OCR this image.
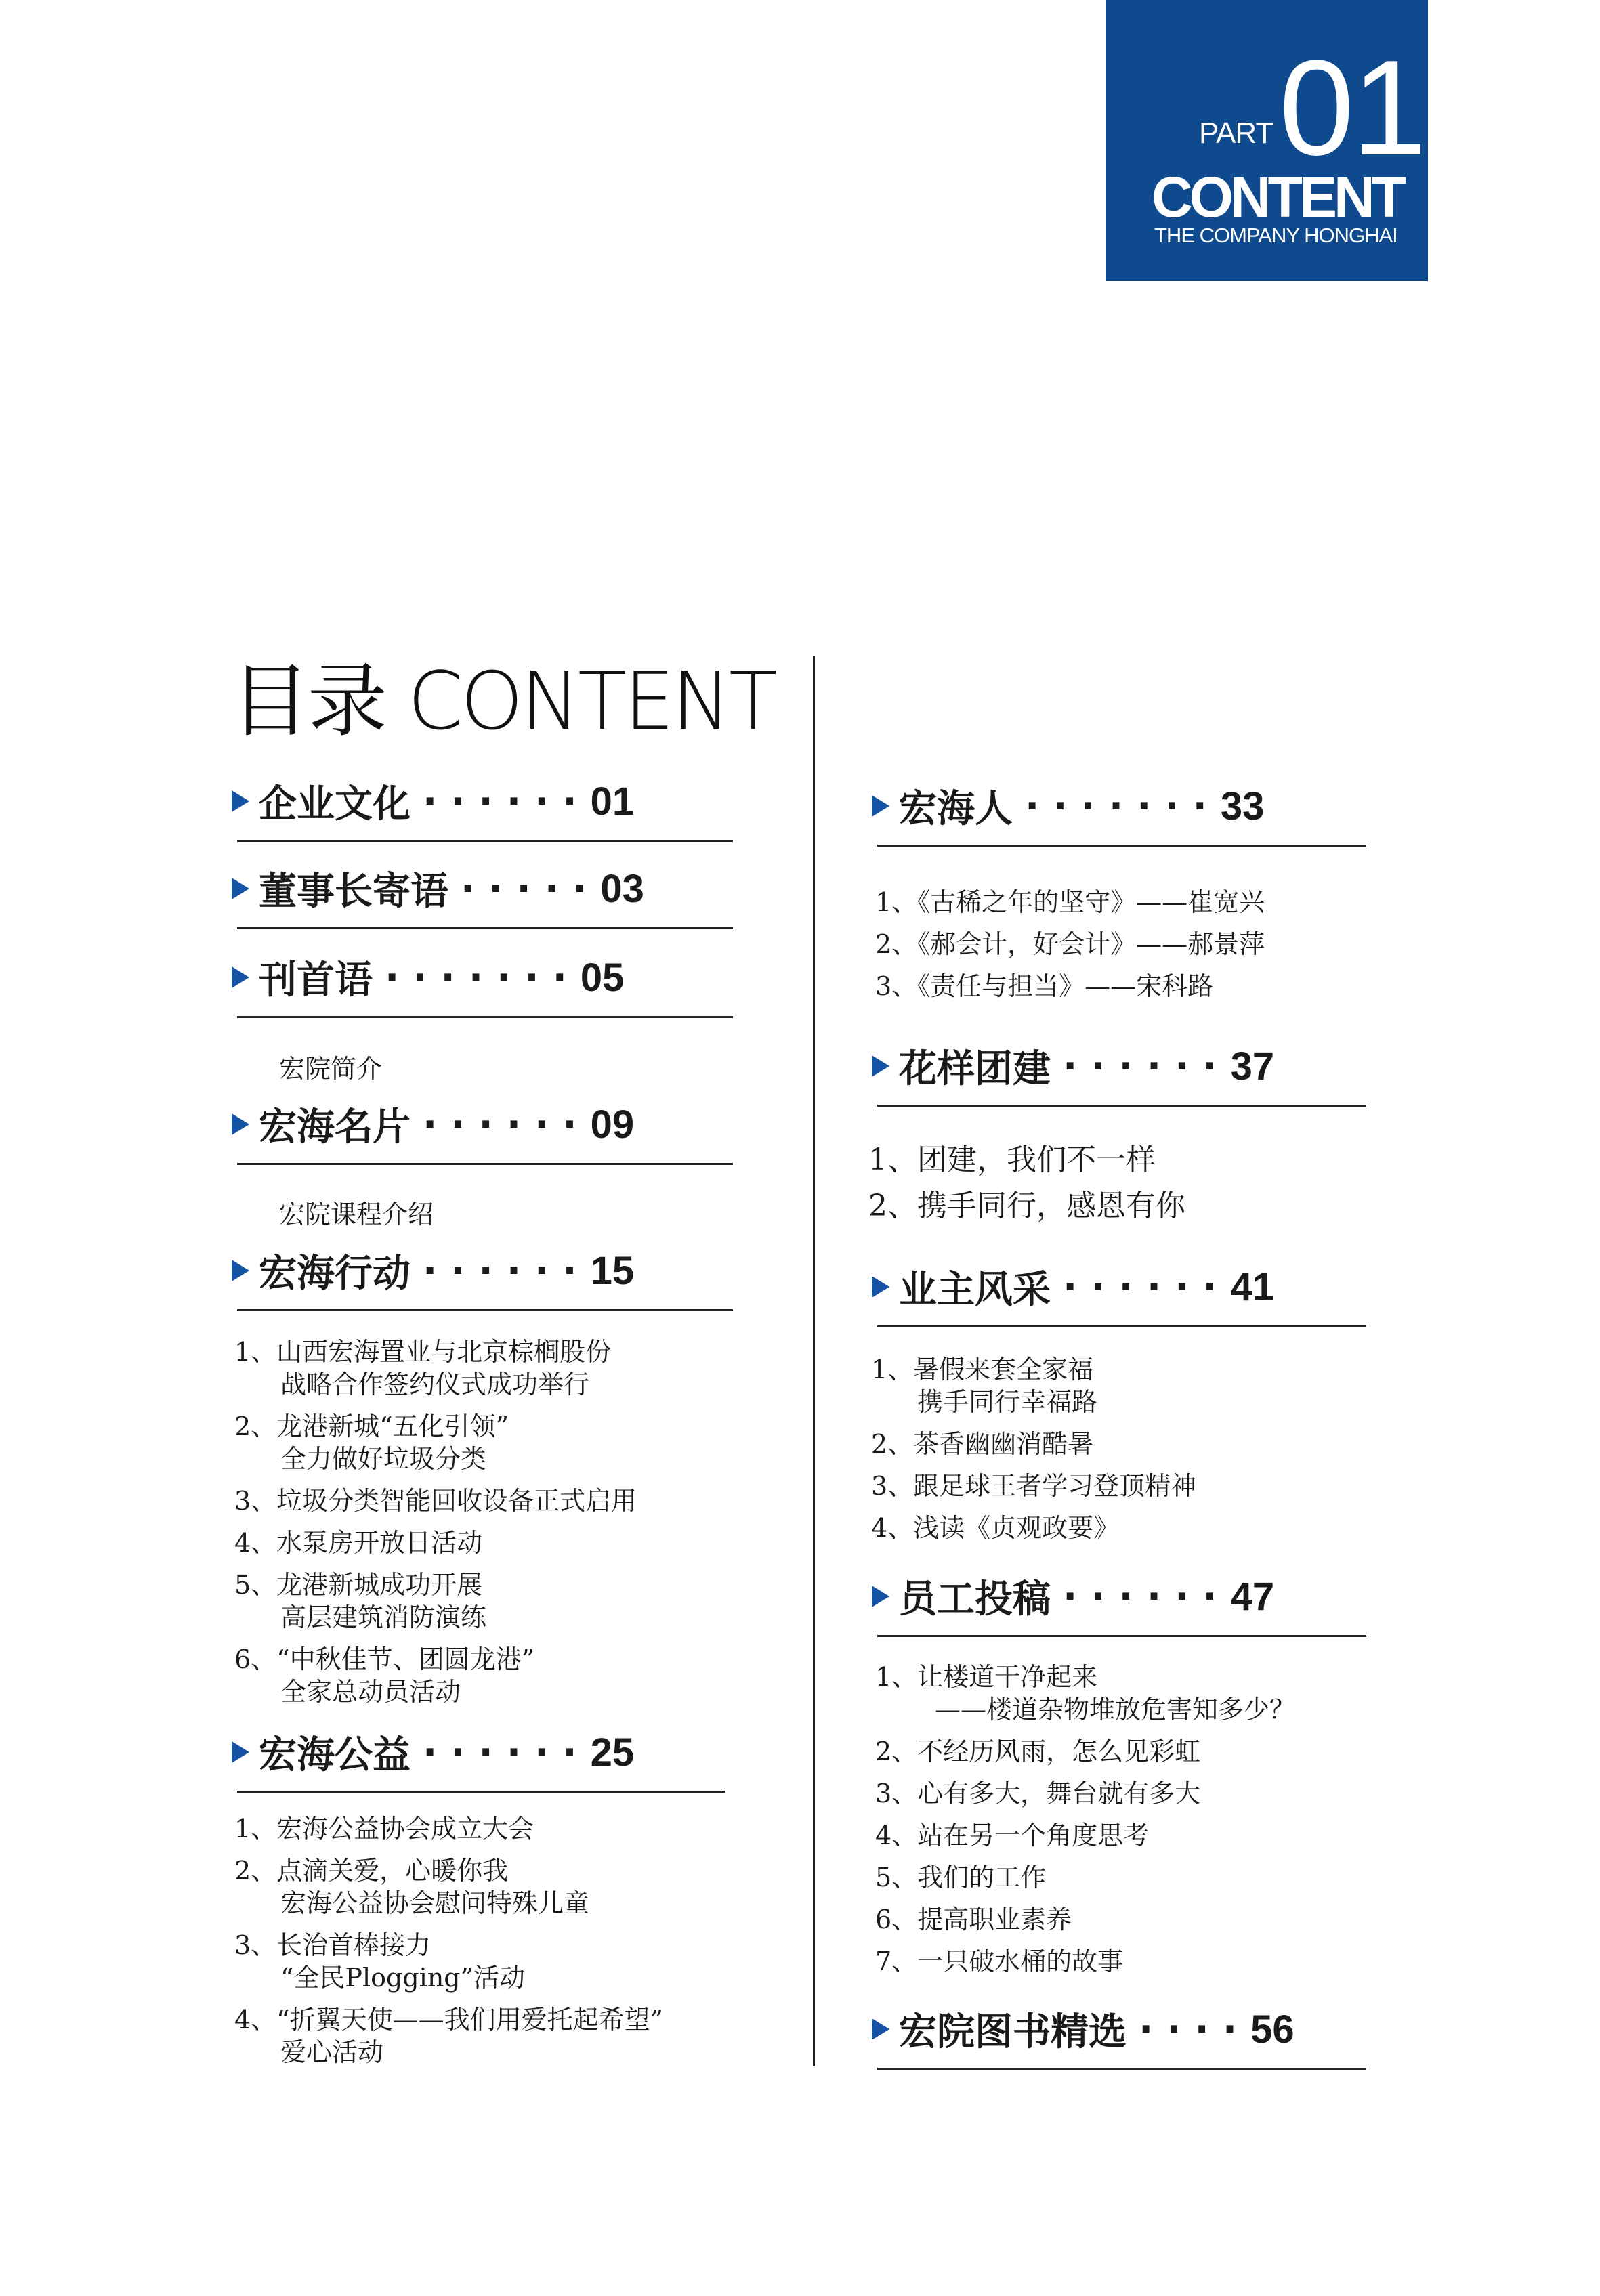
PART 01
CONTENT
THE COMPANY HONGHAI
目录 CONTENT
企业文化 ······ 01
董事长寄语 ····· 03
刊首语 ······· 05
宏院简介
宏海名片 ······ 09
宏院课程介绍
宏海行动 ······ 15
1、山西宏海置业与北京棕榈股份
战略合作签约仪式成功举行
2、龙港新城“五化引领”
全力做好垃圾分类
3、垃圾分类智能回收设备正式启用
4、水泵房开放日活动
5、龙港新城成功开展
高层建筑消防演练
6、“中秋佳节、团圆龙港”
全家总动员活动
宏海公益 ······ 25
1、宏海公益协会成立大会
2、点滴关爱，心暖你我
宏海公益协会慰问特殊儿童
3、长治首棒接力
“全民Plogging”活动
4、“折翼天使——我们用爱托起希望”
爱心活动
宏海人 ······· 33
1、《古稀之年的坚守》——崔宽兴
2、《郝会计，好会计》——郝景萍
3、《责任与担当》——宋科路
花样团建 ······ 37
1、团建，我们不一样
2、携手同行，感恩有你
业主风采 ······ 41
1、暑假来套全家福
携手同行幸福路
2、茶香幽幽消酷暑
3、跟足球王者学习登顶精神
4、浅读《贞观政要》
员工投稿 ······ 47
1、让楼道干净起来
——楼道杂物堆放危害知多少？
2、不经历风雨，怎么见彩虹
3、心有多大，舞台就有多大
4、站在另一个角度思考
5、我们的工作
6、提高职业素养
7、一只破水桶的故事
宏院图书精选 ···· 56
